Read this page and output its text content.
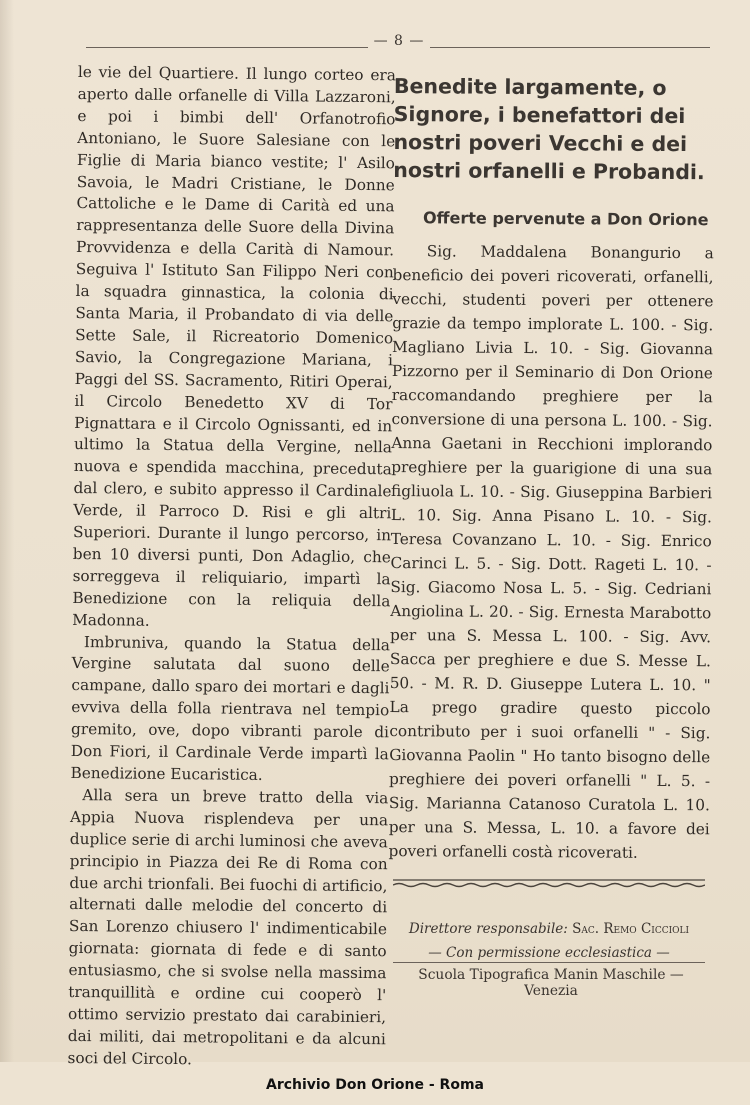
— 8 —

le vie del Quartiere. Il lungo corteo era aperto dalle orfanelle di Villa Lazzaroni, e poi i bimbi dell' Orfanotrofio Antoniano, le Suore Salesiane con le Figlie di Maria bianco vestite; l' Asilo Savoia, le Madri Cristiane, le Donne Cattoliche e le Dame di Carità ed una rappresentanza delle Suore della Divina Provvidenza e della Carità di Namour. Seguiva l' Istituto San Filippo Neri con la squadra ginnastica, la colonia di Santa Maria, il Probandato di via delle Sette Sale, il Ricreatorio Domenico Savio, la Congregazione Mariana, i Paggi del SS. Sacramento, Ritiri Operai, il Circolo Benedetto XV di Tor Pignattara e il Circolo Ognissanti, ed in ultimo la Statua della Vergine, nella nuova e spendida macchina, preceduta dal clero, e subito appresso il Cardinale Verde, il Parroco D. Risi e gli altri Superiori. Durante il lungo percorso, in ben 10 diversi punti, Don Adaglio, che sorreggeva il reliquiario, impartì la Benedizione con la reliquia della Madonna.

Imbruniva, quando la Statua della Vergine salutata dal suono delle campane, dallo sparo dei mortari e dagli evviva della folla rientrava nel tempio gremito, ove, dopo vibranti parole di Don Fiori, il Cardinale Verde impartì la Benedizione Eucaristica.

Alla sera un breve tratto della via Appia Nuova risplendeva per una duplice serie di archi luminosi che aveva principio in Piazza dei Re di Roma con due archi trionfali. Bei fuochi di artificio, alternati dalle melodie del concerto di San Lorenzo chiusero l' indimenticabile giornata: giornata di fede e di santo entusiasmo, che si svolse nella massima tranquillità e ordine cui cooperò l' ottimo servizio prestato dai carabinieri, dai militi, dai metropolitani e da alcuni soci del Circolo.

Benedite largamente, o Signore, i benefattori dei nostri poveri Vecchi e dei nostri orfanelli e Probandi.

Offerte pervenute a Don Orione

Sig. Maddalena Bonangurio a beneficio dei poveri ricoverati, orfanelli, vecchi, studenti poveri per ottenere grazie da tempo implorate L. 100. - Sig. Magliano Livia L. 10. - Sig. Giovanna Pizzorno per il Seminario di Don Orione raccomandando preghiere per la conversione di una persona L. 100. - Sig. Anna Gaetani in Recchioni implorando preghiere per la guarigione di una sua figliuola L. 10. - Sig. Giuseppina Barbieri L. 10. Sig. Anna Pisano L. 10. - Sig. Teresa Covanzano L. 10. - Sig. Enrico Carinci L. 5. - Sig. Dott. Rageti L. 10. - Sig. Giacomo Nosa L. 5. - Sig. Cedriani Angiolina L. 20. - Sig. Ernesta Marabotto per una S. Messa L. 100. - Sig. Avv. Sacca per preghiere e due S. Messe L. 50. - M. R. D. Giuseppe Lutera L. 10. " La prego gradire questo piccolo contributo per i suoi orfanelli " - Sig. Giovanna Paolin " Ho tanto bisogno delle preghiere dei poveri orfanelli " L. 5. - Sig. Marianna Catanoso Curatola L. 10. per una S. Messa, L. 10. a favore dei poveri orfanelli costà ricoverati.

Direttore responsabile: Sac. Remo Ciccioli
— Con permissione ecclesiastica —
Scuola Tipografica Manin Maschile — Venezia
Archivio Don Orione - Roma
